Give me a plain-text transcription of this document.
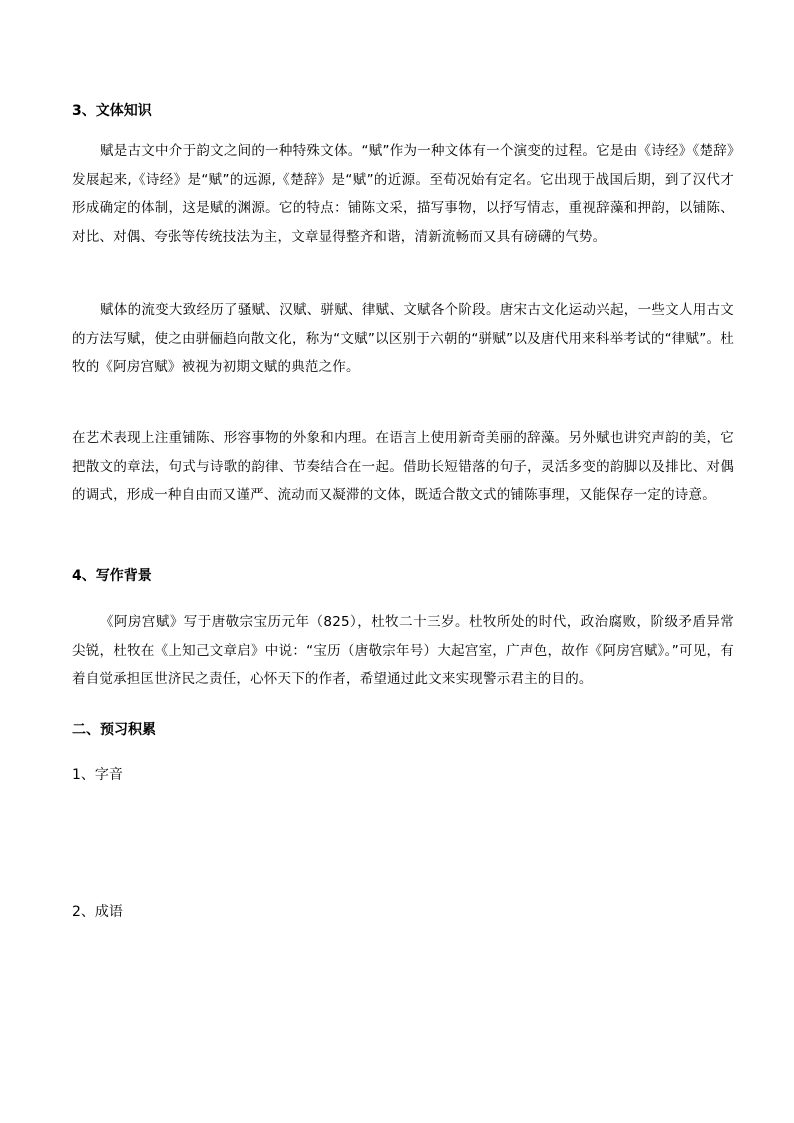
3、文体知识

赋是古文中介于韵文之间的一种特殊文体。“赋”作为一种文体有一个演变的过程。它是由《诗经》《楚辞》发展起来,《诗经》是“赋”的远源,《楚辞》是“赋”的近源。至荀况始有定名。它出现于战国后期，到了汉代才形成确定的体制，这是赋的渊源。它的特点：铺陈文采，描写事物，以抒写情志，重视辞藻和押韵，以铺陈、对比、对偶、夸张等传统技法为主，文章显得整齐和谐，清新流畅而又具有磅礴的气势。

赋体的流变大致经历了骚赋、汉赋、骈赋、律赋、文赋各个阶段。唐宋古文化运动兴起，一些文人用古文的方法写赋，使之由骈俪趋向散文化，称为“文赋”以区别于六朝的“骈赋”以及唐代用来科举考试的“律赋”。杜牧的《阿房宫赋》被视为初期文赋的典范之作。

在艺术表现上注重铺陈、形容事物的外象和内理。在语言上使用新奇美丽的辞藻。另外赋也讲究声韵的美，它把散文的章法，句式与诗歌的韵律、节奏结合在一起。借助长短错落的句子，灵活多变的韵脚以及排比、对偶的调式，形成一种自由而又谨严、流动而又凝滞的文体，既适合散文式的铺陈事理，又能保存一定的诗意。

4、写作背景

《阿房宫赋》写于唐敬宗宝历元年（825），杜牧二十三岁。杜牧所处的时代，政治腐败，阶级矛盾异常尖锐，杜牧在《上知己文章启》中说：“宝历（唐敬宗年号）大起宫室，广声色，故作《阿房宫赋》。”可见，有着自觉承担匡世济民之责任，心怀天下的作者，希望通过此文来实现警示君主的目的。

二、预习积累
1、字音
2、成语
